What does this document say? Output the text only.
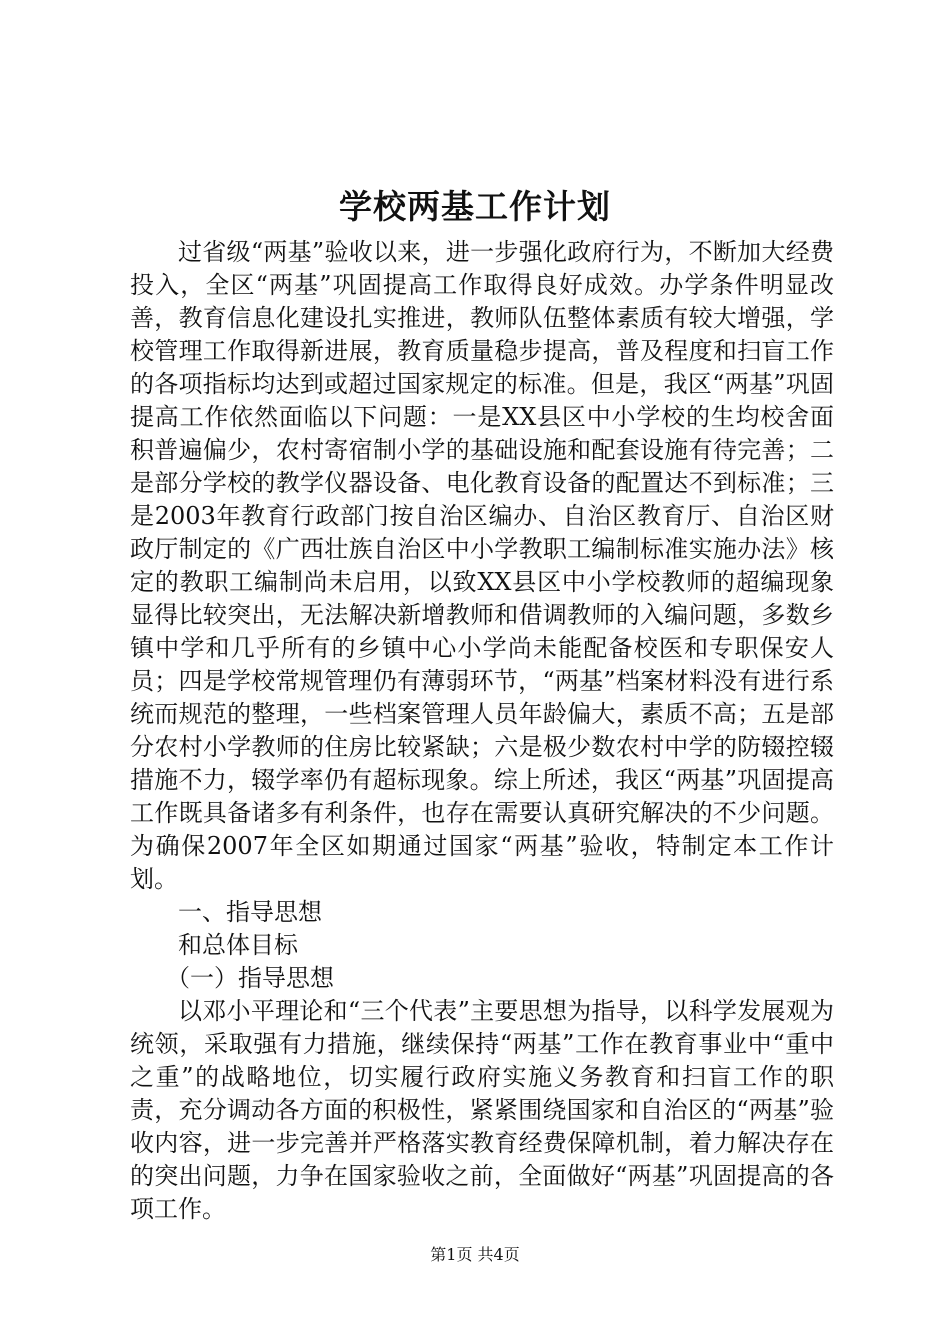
学校两基工作计划

过省级“两基”验收以来，进一步强化政府行为，不断加大经费投入，全区“两基”巩固提高工作取得良好成效。办学条件明显改善，教育信息化建设扎实推进，教师队伍整体素质有较大增强，学校管理工作取得新进展，教育质量稳步提高，普及程度和扫盲工作的各项指标均达到或超过国家规定的标准。但是，我区“两基”巩固提高工作依然面临以下问题：一是XX县区中小学校的生均校舍面积普遍偏少，农村寄宿制小学的基础设施和配套设施有待完善；二是部分学校的教学仪器设备、电化教育设备的配置达不到标准；三是2003年教育行政部门按自治区编办、自治区教育厅、自治区财政厅制定的《广西壮族自治区中小学教职工编制标准实施办法》核定的教职工编制尚未启用，以致XX县区中小学校教师的超编现象显得比较突出，无法解决新增教师和借调教师的入编问题，多数乡镇中学和几乎所有的乡镇中心小学尚未能配备校医和专职保安人员；四是学校常规管理仍有薄弱环节，“两基”档案材料没有进行系统而规范的整理，一些档案管理人员年龄偏大，素质不高；五是部分农村小学教师的住房比较紧缺；六是极少数农村中学的防辍控辍措施不力，辍学率仍有超标现象。综上所述，我区“两基”巩固提高工作既具备诸多有利条件，也存在需要认真研究解决的不少问题。为确保2007年全区如期通过国家“两基”验收，特制定本工作计划。

一、指导思想

和总体目标

（一）指导思想

以邓小平理论和“三个代表”主要思想为指导，以科学发展观为统领，采取强有力措施，继续保持“两基”工作在教育事业中“重中之重”的战略地位，切实履行政府实施义务教育和扫盲工作的职责，充分调动各方面的积极性，紧紧围绕国家和自治区的“两基”验收内容，进一步完善并严格落实教育经费保障机制，着力解决存在的突出问题，力争在国家验收之前，全面做好“两基”巩固提高的各项工作。

第1页 共4页
